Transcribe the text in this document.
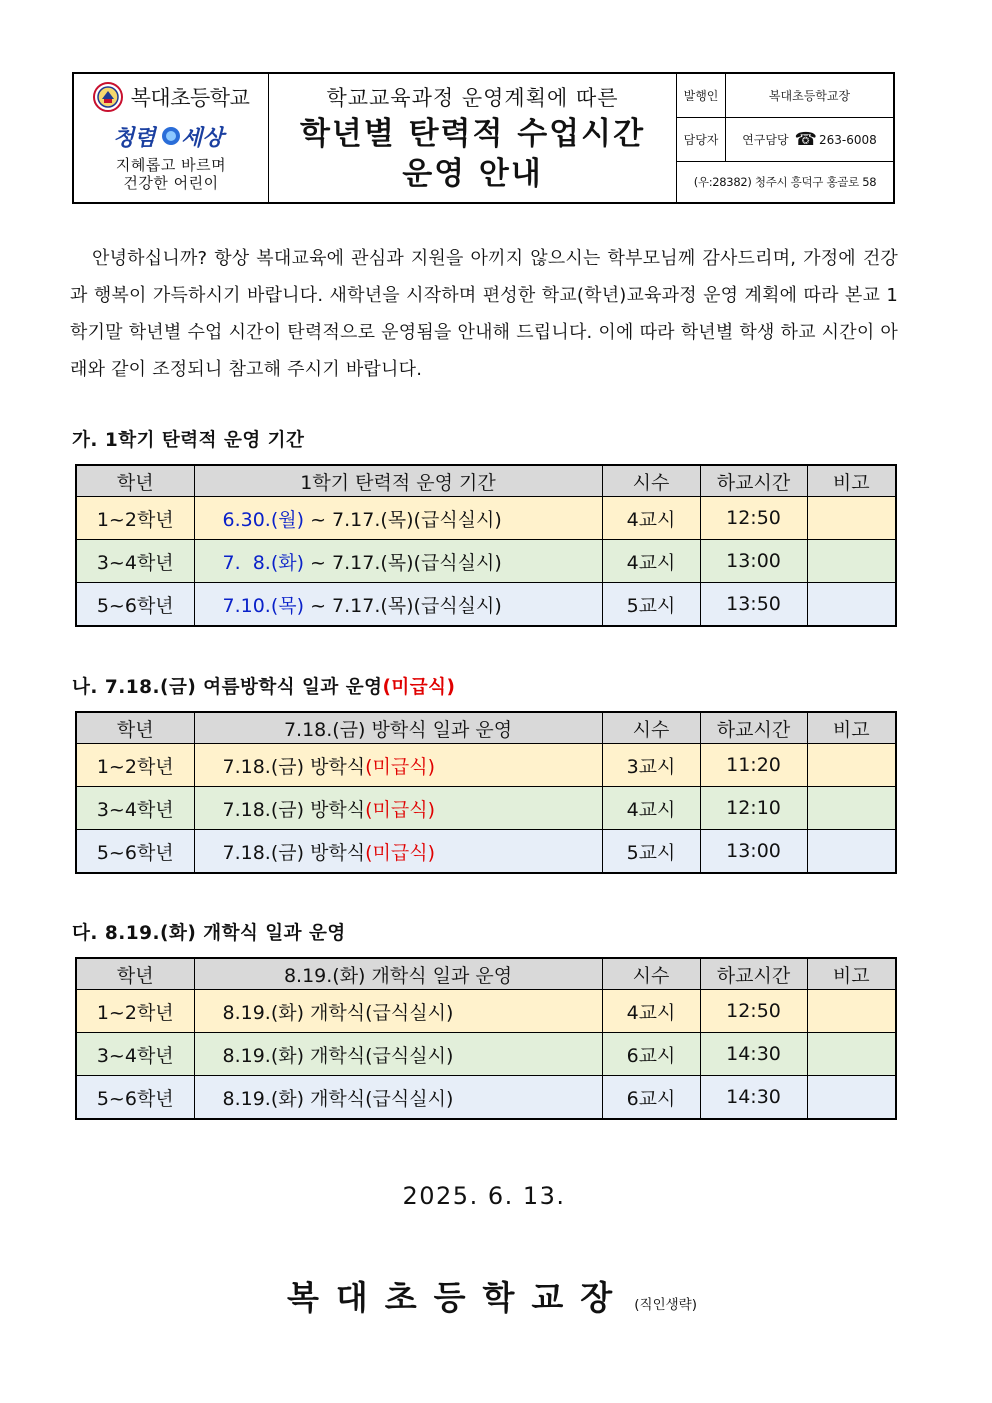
복대초등학교
청렴 세상
지혜롭고 바르며
건강한 어린이
학교교육과정 운영계획에 따른
학년별 탄력적 수업시간
운영 안내
발행인	복대초등학교장
담당자	연구담당 ☎ 263-6008
(우:28382) 청주시 흥덕구 홍골로 58
안녕하십니까? 항상 복대교육에 관심과 지원을 아끼지 않으시는 학부모님께 감사드리며, 가정에 건강과 행복이 가득하시기 바랍니다. 새학년을 시작하며 편성한 학교(학년)교육과정 운영 계획에 따라 본교 1학기말 학년별 수업 시간이 탄력적으로 운영됨을 안내해 드립니다. 이에 따라 학년별 학생 하교 시간이 아래와 같이 조정되니 참고해 주시기 바랍니다.
가. 1학기 탄력적 운영 기간
학년	1학기 탄력적 운영 기간	시수	하교시간	비고
1~2학년	6.30.(월) ~ 7.17.(목)(급식실시)	4교시	12:50	
3~4학년	7.  8.(화) ~ 7.17.(목)(급식실시)	4교시	13:00	
5~6학년	7.10.(목) ~ 7.17.(목)(급식실시)	5교시	13:50	
나. 7.18.(금) 여름방학식 일과 운영(미급식)
학년	7.18.(금) 방학식 일과 운영	시수	하교시간	비고
1~2학년	7.18.(금) 방학식(미급식)	3교시	11:20	
3~4학년	7.18.(금) 방학식(미급식)	4교시	12:10	
5~6학년	7.18.(금) 방학식(미급식)	5교시	13:00	
다. 8.19.(화) 개학식 일과 운영
학년	8.19.(화) 개학식 일과 운영	시수	하교시간	비고
1~2학년	8.19.(화) 개학식(급식실시)	4교시	12:50	
3~4학년	8.19.(화) 개학식(급식실시)	6교시	14:30	
5~6학년	8.19.(화) 개학식(급식실시)	6교시	14:30	
2025. 6. 13.
복대초등학교장 (직인생략)
